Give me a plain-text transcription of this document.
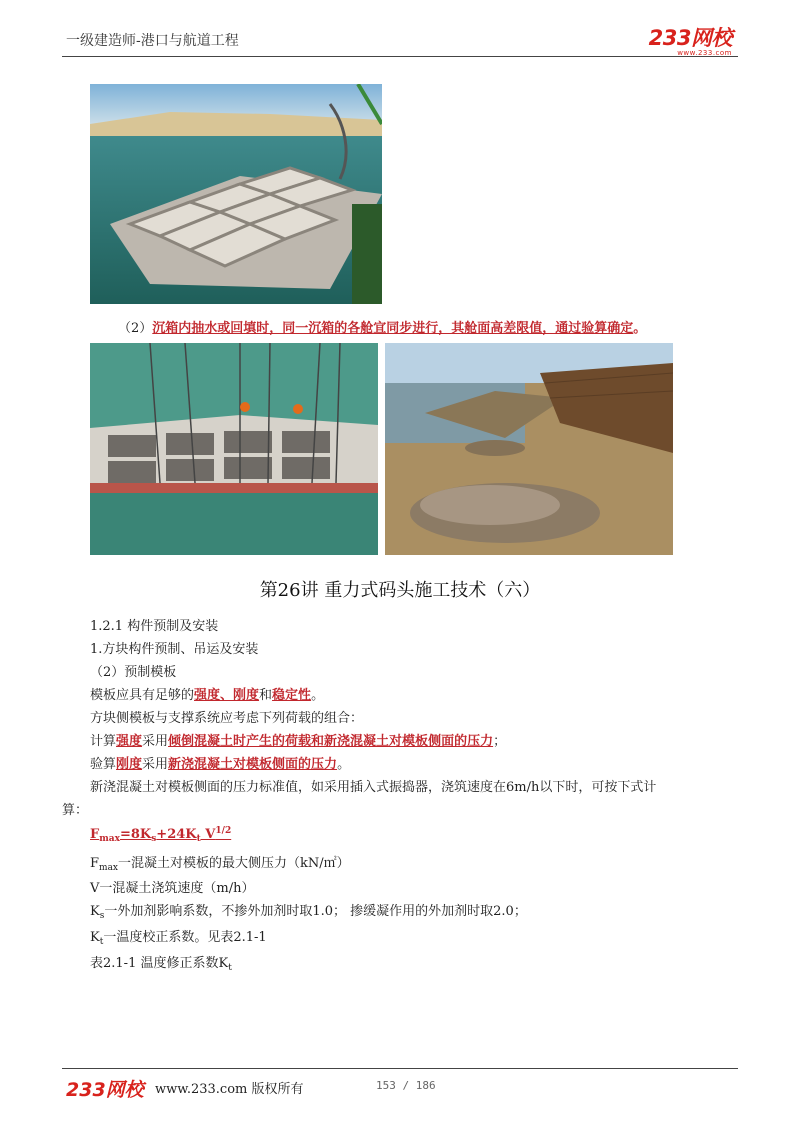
一级建造师-港口与航道工程	233网校
www.233.com
（2）沉箱内抽水或回填时，同一沉箱的各舱宜同步进行，其舱面高差限值，通过验算确定。
第26讲 重力式码头施工技术（六）
1.2.1 构件预制及安装
1.方块构件预制、吊运及安装
（2）预制模板
模板应具有足够的强度、刚度和稳定性。
方块侧模板与支撑系统应考虑下列荷载的组合：
计算强度采用倾倒混凝土时产生的荷载和新浇混凝土对模板侧面的压力；
验算刚度采用新浇混凝土对模板侧面的压力。
新浇混凝土对模板侧面的压力标准值，如采用插入式振捣器，浇筑速度在6m/h以下时，可按下式计
算：
$F_{max}=8K_s+24K_t$ $V^{1/2}$
$F_{max}$一混凝土对模板的最大侧压力（kN/㎡）
V一混凝土浇筑速度（m/h）
$K_s$一外加剂影响系数，不掺外加剂时取1.0； 掺缓凝作用的外加剂时取2.0；
$K_t$一温度校正系数。见表2.1-1
表2.1-1 温度修正系数$K_t$
233网校 www.233.com 版权所有	153 / 186
